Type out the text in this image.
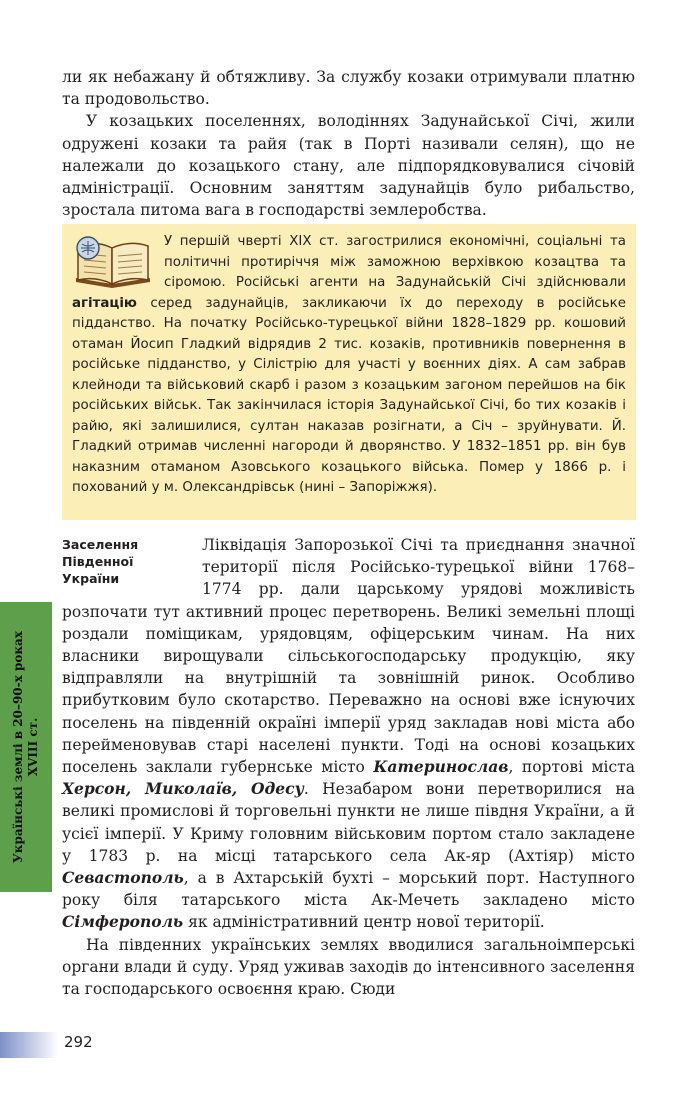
ли як небажану й обтяжливу. За службу козаки отримували платню та продовольство.

У козацьких поселеннях, володіннях Задунайської Січі, жили одружені козаки та райя (так в Порті називали селян), що не належали до козацького стану, але підпорядковувалися січовій адміністрації. Основним заняттям задунайців було рибальство, зростала питома вага в господарстві землеробства.

У першій чверті XIX ст. загострилися економічні, соціальні та політичні протиріччя між заможною верхівкою козацтва та сіромою. Російські агенти на Задунайській Січі здійснювали агітацію серед задунайців, закликаючи їх до переходу в російське підданство. На початку Російсько-турецької війни 1828–1829 рр. кошовий отаман Йосип Гладкий відрядив 2 тис. козаків, противників повернення в російське підданство, у Сілістрію для участі у воєнних діях. А сам забрав клейноди та військовий скарб і разом з козацьким загоном перейшов на бік російських військ. Так закінчилася історія Задунайської Січі, бо тих козаків і райю, які залишилися, султан наказав розігнати, а Січ – зруйнувати. Й. Гладкий отримав численні нагороди й дворянство. У 1832–1851 рр. він був наказним отаманом Азовського козацького війська. Помер у 1866 р. і похований у м. Олександрівськ (нині – Запоріжжя).

Заселення Південної України

Ліквідація Запорозької Січі та приєднання значної території після Російсько-турецької війни 1768–1774 рр. дали царському урядові можливість розпочати тут активний процес перетворень. Великі земельні площі роздали поміщикам, урядовцям, офіцерським чинам. На них власники вирощували сільськогосподарську продукцію, яку відправляли на внутрішній та зовнішній ринок. Особливо прибутковим було скотарство. Переважно на основі вже існуючих поселень на південній окраїні імперії уряд закладав нові міста або перейменовував старі населені пункти. Тоді на основі козацьких поселень заклали губернське місто Катеринослав, портові міста Херсон, Миколаїв, Одесу. Незабаром вони перетворилися на великі промислові й торговельні пункти не лише півдня України, а й усієї імперії. У Криму головним військовим портом стало закладене у 1783 р. на місці татарського села Ак-яр (Ахтіяр) місто Севастополь, а в Ахтарській бухті – морський порт. Наступного року біля татарського міста Ак-Мечеть закладено місто Сімферополь як адміністративний центр нової території.

На південних українських землях вводилися загальноімперські органи влади й суду. Уряд уживав заходів до інтенсивного заселення та господарського освоєння краю. Сюди

Українські землі в 20–90-х роках XVIII ст.
292
